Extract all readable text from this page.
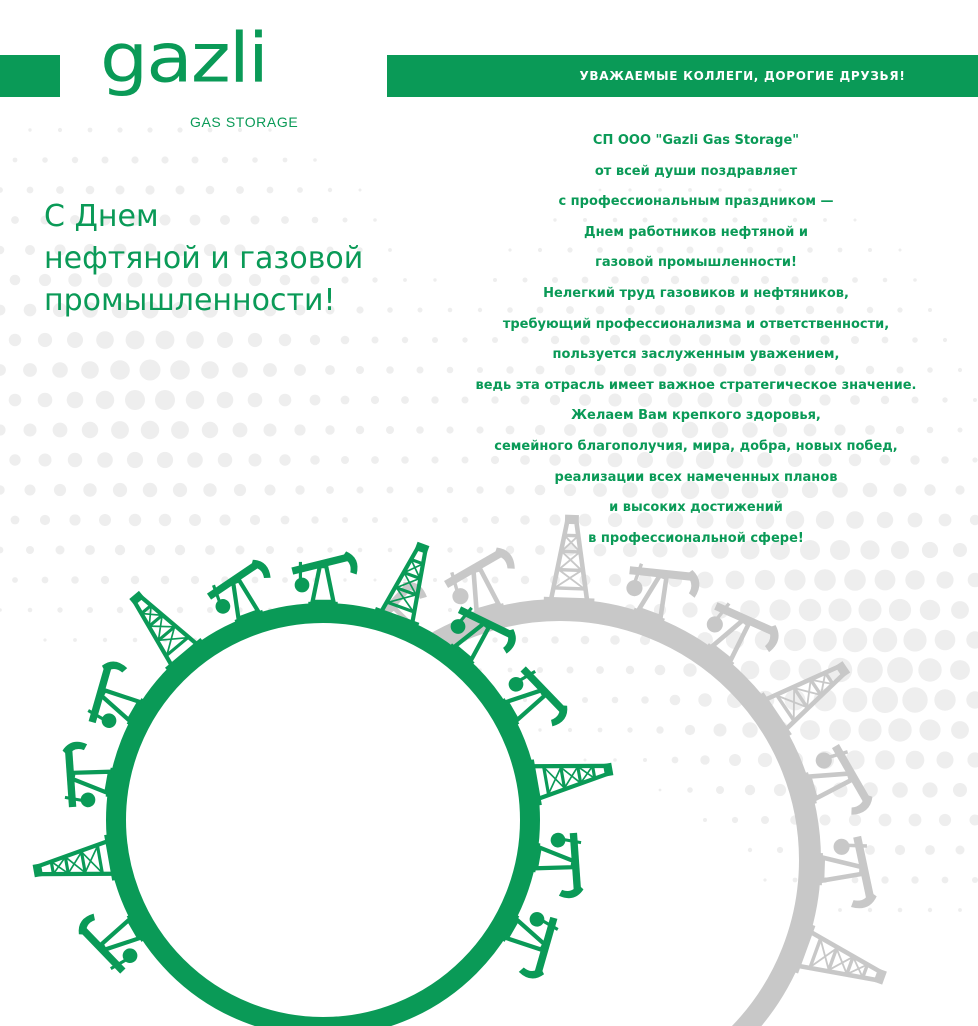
УВАЖАЕМЫЕ КОЛЛЕГИ, ДОРОГИЕ ДРУЗЬЯ!
gazli
GAS STORAGE
С Днем
нефтяной и газовой
промышленности!
СП ООО "Gazli Gas Storage"
от всей души поздравляет
с профессиональным праздником —
Днем работников нефтяной и
газовой промышленности!
Нелегкий труд газовиков и нефтяников,
требующий профессионализма и ответственности,
пользуется заслуженным уважением,
ведь эта отрасль имеет важное стратегическое значение.
Желаем Вам крепкого здоровья,
семейного благополучия, мира, добра, новых побед,
реализации всех намеченных планов
и высоких достижений
в профессиональной сфере!
